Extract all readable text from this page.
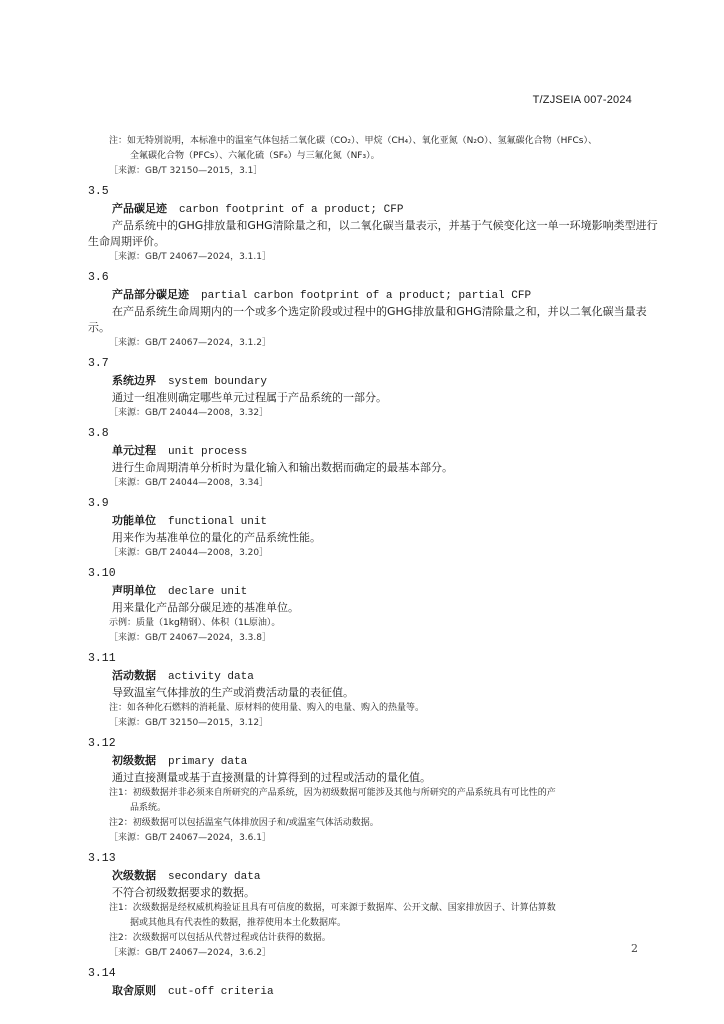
T/ZJSEIA 007-2024
注：如无特别说明，本标准中的温室气体包括二氧化碳（CO₂）、甲烷（CH₄）、氧化亚氮（N₂O）、氢氟碳化合物（HFCs）、
全氟碳化合物（PFCs）、六氟化硫（SF₆）与三氟化氮（NF₃）。
［来源：GB/T 32150—2015，3.1］
3.5
产品碳足迹 carbon footprint of a product; CFP
产品系统中的GHG排放量和GHG清除量之和，以二氧化碳当量表示，并基于气候变化这一单一环境影响类型进行生命周期评价。
［来源：GB/T 24067—2024，3.1.1］
3.6
产品部分碳足迹 partial carbon footprint of a product; partial CFP
在产品系统生命周期内的一个或多个选定阶段或过程中的GHG排放量和GHG清除量之和，并以二氧化碳当量表示。
［来源：GB/T 24067—2024，3.1.2］
3.7
系统边界 system boundary
通过一组准则确定哪些单元过程属于产品系统的一部分。
［来源：GB/T 24044—2008，3.32］
3.8
单元过程 unit process
进行生命周期清单分析时为量化输入和输出数据而确定的最基本部分。
［来源：GB/T 24044—2008，3.34］
3.9
功能单位 functional unit
用来作为基准单位的量化的产品系统性能。
［来源：GB/T 24044—2008，3.20］
3.10
声明单位 declare unit
用来量化产品部分碳足迹的基准单位。
示例：质量（1kg精钢）、体积（1L原油）。
［来源：GB/T 24067—2024，3.3.8］
3.11
活动数据 activity data
导致温室气体排放的生产或消费活动量的表征值。
注：如各种化石燃料的消耗量、原材料的使用量、购入的电量、购入的热量等。
［来源：GB/T 32150—2015，3.12］
3.12
初级数据 primary data
通过直接测量或基于直接测量的计算得到的过程或活动的量化值。
注1：初级数据并非必须来自所研究的产品系统，因为初级数据可能涉及其他与所研究的产品系统具有可比性的产
品系统。
注2：初级数据可以包括温室气体排放因子和/或温室气体活动数据。
［来源：GB/T 24067—2024，3.6.1］
3.13
次级数据 secondary data
不符合初级数据要求的数据。
注1：次级数据是经权威机构验证且具有可信度的数据，可来源于数据库、公开文献、国家排放因子、计算估算数
据或其他具有代表性的数据，推荐使用本土化数据库。
注2：次级数据可以包括从代替过程或估计获得的数据。
［来源：GB/T 24067—2024，3.6.2］
3.14
取舍原则 cut-off criteria
2
